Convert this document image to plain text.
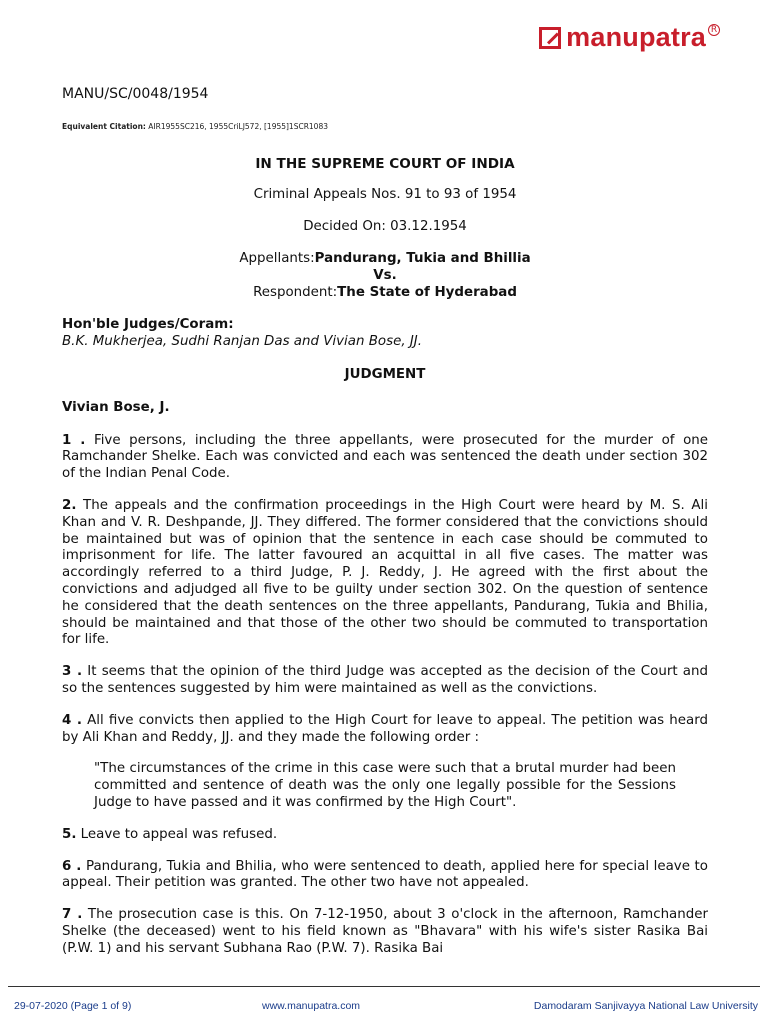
manupatra R

MANU/SC/0048/1954

Equivalent Citation: AIR1955SC216, 1955CriLJ572, [1955]1SCR1083

IN THE SUPREME COURT OF INDIA

Criminal Appeals Nos. 91 to 93 of 1954

Decided On: 03.12.1954

Appellants:Pandurang, Tukia and Bhillia
Vs.
Respondent:The State of Hyderabad

Hon'ble Judges/Coram:

B.K. Mukherjea, Sudhi Ranjan Das and Vivian Bose, JJ.

JUDGMENT

Vivian Bose, J.

1 . Five persons, including the three appellants, were prosecuted for the murder of one Ramchander Shelke. Each was convicted and each was sentenced the death under section 302 of the Indian Penal Code.

2. The appeals and the confirmation proceedings in the High Court were heard by M. S. Ali Khan and V. R. Deshpande, JJ. They differed. The former considered that the convictions should be maintained but was of opinion that the sentence in each case should be commuted to imprisonment for life. The latter favoured an acquittal in all five cases. The matter was accordingly referred to a third Judge, P. J. Reddy, J. He agreed with the first about the convictions and adjudged all five to be guilty under section 302. On the question of sentence he considered that the death sentences on the three appellants, Pandurang, Tukia and Bhilia, should be maintained and that those of the other two should be commuted to transportation for life.

3 . It seems that the opinion of the third Judge was accepted as the decision of the Court and so the sentences suggested by him were maintained as well as the convictions.

4 . All five convicts then applied to the High Court for leave to appeal. The petition was heard by Ali Khan and Reddy, JJ. and they made the following order :

"The circumstances of the crime in this case were such that a brutal murder had been committed and sentence of death was the only one legally possible for the Sessions Judge to have passed and it was confirmed by the High Court".

5. Leave to appeal was refused.

6 . Pandurang, Tukia and Bhilia, who were sentenced to death, applied here for special leave to appeal. Their petition was granted. The other two have not appealed.

7 . The prosecution case is this. On 7-12-1950, about 3 o'clock in the afternoon, Ramchander Shelke (the deceased) went to his field known as "Bhavara" with his wife's sister Rasika Bai (P.W. 1) and his servant Subhana Rao (P.W. 7). Rasika Bai

29-07-2020 (Page 1 of 9)	www.manupatra.com	Damodaram Sanjivayya National Law University
